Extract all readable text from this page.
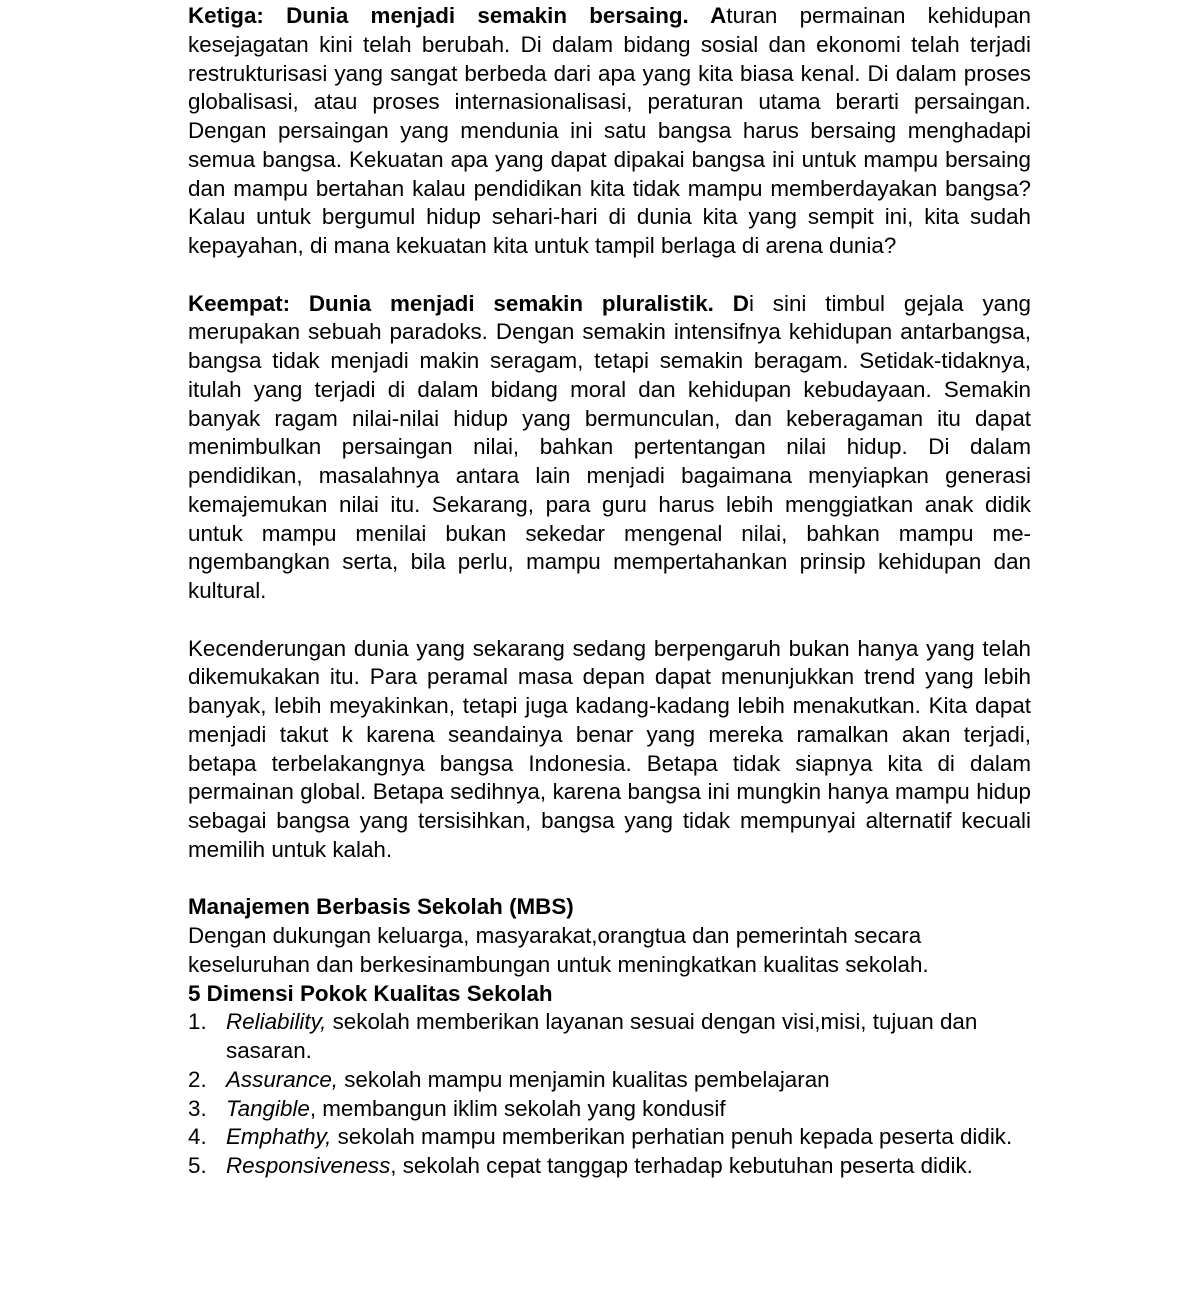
Ketiga: Dunia menjadi semakin bersaing. Aturan permainan kehidupan kesejagatan kini telah berubah. Di dalam bidang sosial dan ekonomi telah terjadi restrukturisasi yang sangat berbeda dari apa yang kita biasa kenal. Di dalam proses globalisasi, atau proses internasionalisasi, peraturan utama berarti persaingan. Dengan persaingan yang mendunia ini satu bangsa harus bersaing menghadapi semua bangsa. Kekuatan apa yang dapat dipakai bangsa ini untuk mampu bersaing dan mampu bertahan kalau pendidikan kita tidak mampu memberdayakan bangsa? Kalau untuk bergumul hidup sehari-hari di dunia kita yang sempit ini, kita sudah kepayahan, di mana kekuatan kita untuk tampil berlaga di arena dunia?

Keempat: Dunia menjadi semakin pluralistik. Di sini timbul gejala yang merupakan sebuah paradoks. Dengan semakin intensifnya kehidupan antarbangsa, bangsa tidak menjadi makin seragam, tetapi semakin beragam. Setidak-tidaknya, itulah yang terjadi di dalam bidang moral dan kehidupan kebudayaan. Semakin banyak ragam nilai-nilai hidup yang bermunculan, dan keberagaman itu dapat menimbulkan persaingan nilai, bahkan pertentangan nilai hidup. Di dalam pendidikan, masalahnya antara lain menjadi bagaimana menyiapkan generasi kemajemukan nilai itu. Sekarang, para guru harus lebih menggiatkan anak didik untuk mampu menilai bukan sekedar mengenal nilai, bahkan mampu me-ngembangkan serta, bila perlu, mampu mempertahankan prinsip kehidupan dan kultural.

Kecenderungan dunia yang sekarang sedang berpengaruh bukan hanya yang telah dikemukakan itu. Para peramal masa depan dapat menunjukkan trend yang lebih banyak, lebih meyakinkan, tetapi juga kadang-kadang lebih menakutkan. Kita dapat menjadi takut k karena seandainya benar yang mereka ramalkan akan terjadi, betapa terbelakangnya bangsa Indonesia. Betapa tidak siapnya kita di dalam permainan global. Betapa sedihnya, karena bangsa ini mungkin hanya mampu hidup sebagai bangsa yang tersisihkan, bangsa yang tidak mempunyai alternatif kecuali memilih untuk kalah.

Manajemen Berbasis Sekolah (MBS)

Dengan dukungan keluarga, masyarakat,orangtua dan pemerintah secara

keseluruhan dan berkesinambungan untuk meningkatkan kualitas sekolah.

5 Dimensi Pokok Kualitas Sekolah

1. Reliability, sekolah memberikan layanan sesuai dengan visi,misi, tujuan dan sasaran.
2. Assurance, sekolah mampu menjamin kualitas pembelajaran
3. Tangible, membangun iklim sekolah yang kondusif
4. Emphathy, sekolah mampu memberikan perhatian penuh kepada peserta didik.
5. Responsiveness, sekolah cepat tanggap terhadap kebutuhan peserta didik.
